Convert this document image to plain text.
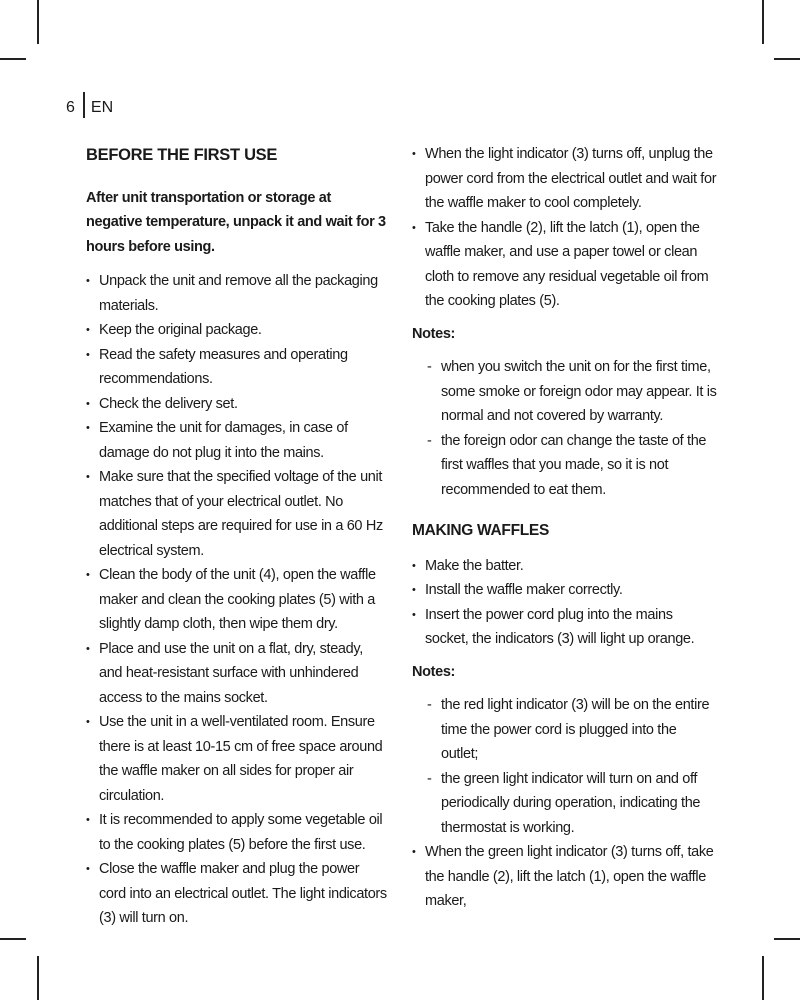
6 EN
BEFORE THE FIRST USE
After unit transportation or storage at negative temperature, unpack it and wait for 3 hours before using.
• Unpack the unit and remove all the packaging materials.
• Keep the original package.
• Read the safety measures and operating recommendations.
• Check the delivery set.
• Examine the unit for damages, in case of damage do not plug it into the mains.
• Make sure that the specified voltage of the unit matches that of your electrical outlet. No additional steps are required for use in a 60 Hz electrical system.
• Clean the body of the unit (4), open the waffle maker and clean the cooking plates (5) with a slightly damp cloth, then wipe them dry.
• Place and use the unit on a flat, dry, steady, and heat-resistant surface with unhindered access to the mains socket.
• Use the unit in a well-ventilated room. Ensure there is at least 10-15 cm of free space around the waffle maker on all sides for proper air circulation.
• It is recommended to apply some vegetable oil to the cooking plates (5) before the first use.
• Close the waffle maker and plug the power cord into an electrical outlet. The light indicators (3) will turn on.
• When the light indicator (3) turns off, unplug the power cord from the electrical outlet and wait for the waffle maker to cool completely.
• Take the handle (2), lift the latch (1), open the waffle maker, and use a paper towel or clean cloth to remove any residual vegetable oil from the cooking plates (5).
Notes:
- when you switch the unit on for the first time, some smoke or foreign odor may appear. It is normal and not covered by warranty.
- the foreign odor can change the taste of the first waffles that you made, so it is not recommended to eat them.
MAKING WAFFLES
• Make the batter.
• Install the waffle maker correctly.
• Insert the power cord plug into the mains socket, the indicators (3) will light up orange.
Notes:
- the red light indicator (3) will be on the entire time the power cord is plugged into the outlet;
- the green light indicator will turn on and off periodically during operation, indicating the thermostat is working.
• When the green light indicator (3) turns off, take the handle (2), lift the latch (1), open the waffle maker,
